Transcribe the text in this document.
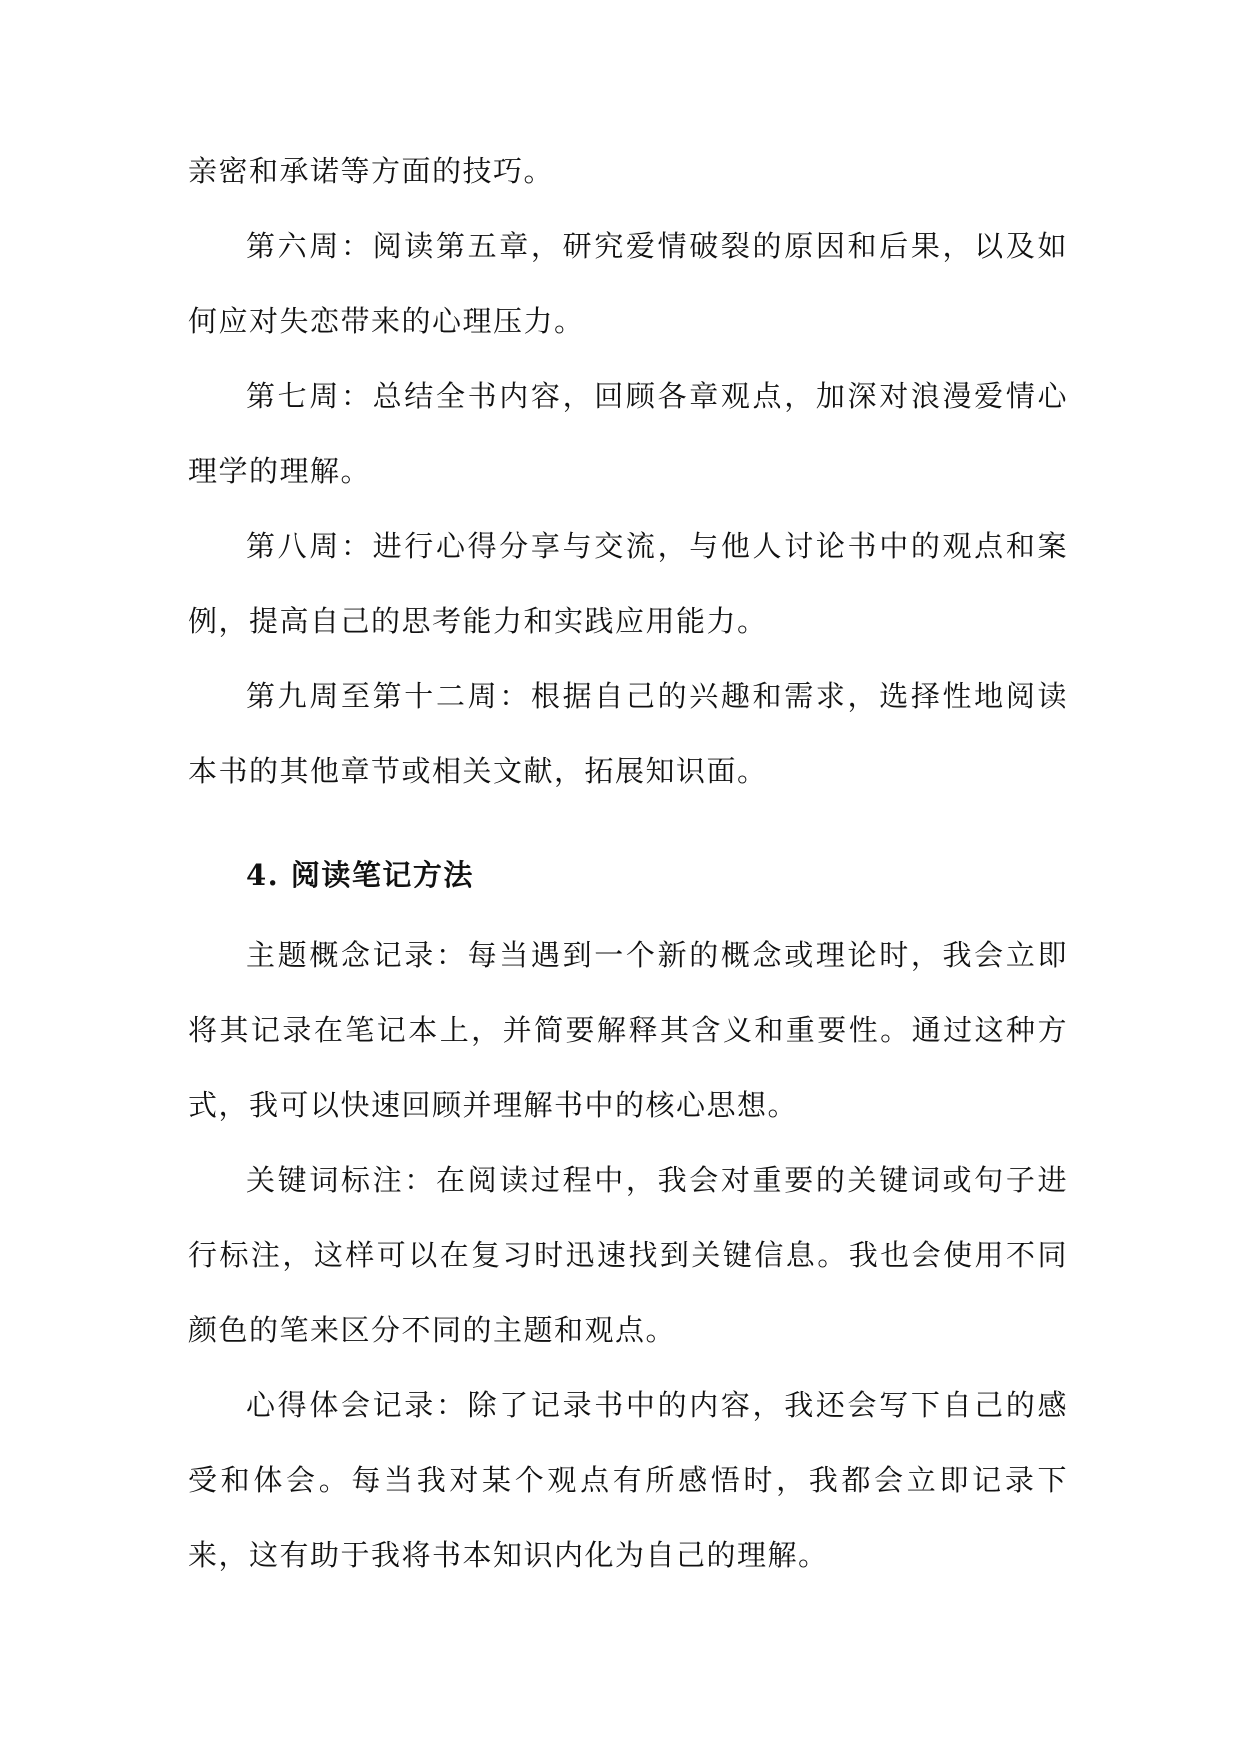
亲密和承诺等方面的技巧。

第六周：阅读第五章，研究爱情破裂的原因和后果，以及如何应对失恋带来的心理压力。

第七周：总结全书内容，回顾各章观点，加深对浪漫爱情心理学的理解。

第八周：进行心得分享与交流，与他人讨论书中的观点和案例，提高自己的思考能力和实践应用能力。

第九周至第十二周：根据自己的兴趣和需求，选择性地阅读本书的其他章节或相关文献，拓展知识面。

4. 阅读笔记方法

主题概念记录：每当遇到一个新的概念或理论时，我会立即将其记录在笔记本上，并简要解释其含义和重要性。通过这种方式，我可以快速回顾并理解书中的核心思想。

关键词标注：在阅读过程中，我会对重要的关键词或句子进行标注，这样可以在复习时迅速找到关键信息。我也会使用不同颜色的笔来区分不同的主题和观点。

心得体会记录：除了记录书中的内容，我还会写下自己的感受和体会。每当我对某个观点有所感悟时，我都会立即记录下来，这有助于我将书本知识内化为自己的理解。
